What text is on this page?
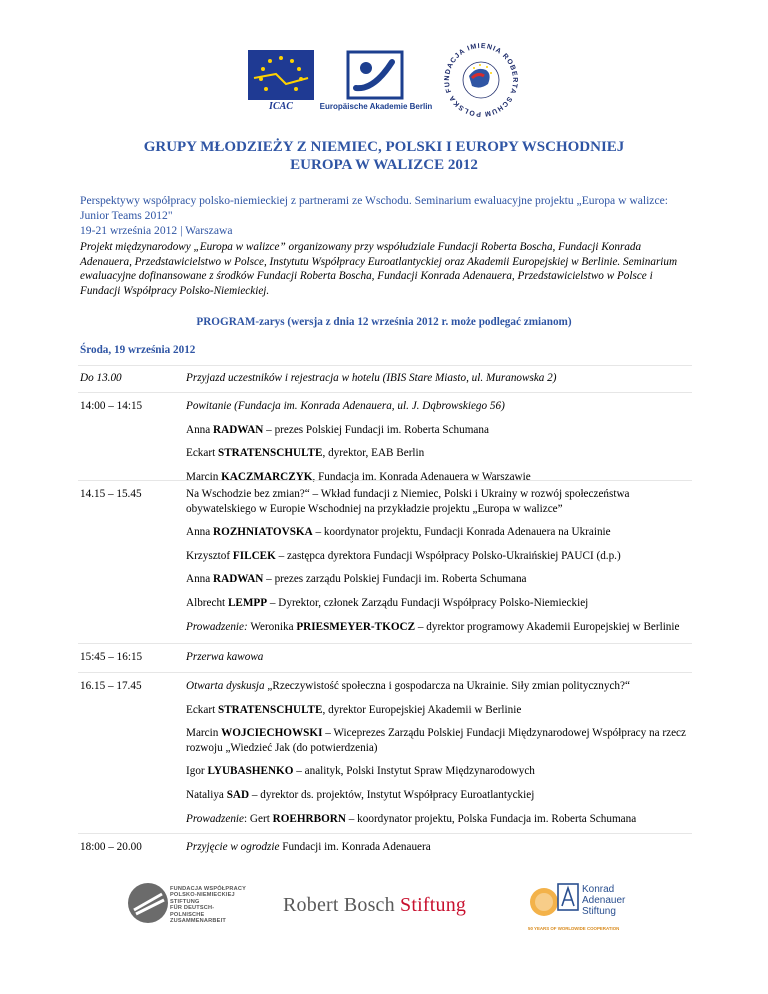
ICAC	Europäische Akademie Berlin
POLSKA FUNDACJA IMIENIA ROBERTA SCHUM
GRUPY MŁODZIEŻY Z NIEMIEC, POLSKI I EUROPY WSCHODNIEJ
EUROPA W WALIZCE 2012
Perspektywy współpracy polsko-niemieckiej z partnerami ze Wschodu. Seminarium ewaluacyjne projektu „Europa w walizce: Junior Teams 2012"
19-21 września 2012 | Warszawa
Projekt międzynarodowy „Europa w walizce” organizowany przy współudziale Fundacji Roberta Boscha, Fundacji Konrada Adenauera, Przedstawicielstwo w Polsce, Instytutu Współpracy Euroatlantyckiej oraz Akademii Europejskiej w Berlinie. Seminarium ewaluacyjne dofinansowane z środków Fundacji Roberta Boscha, Fundacji Konrada Adenauera, Przedstawicielstwo w Polsce i Fundacji Współpracy Polsko-Niemieckiej.
PROGRAM-zarys (wersja z dnia 12 września 2012 r. może podlegać zmianom)
Środa, 19 września 2012
Do 13.00	Przyjazd uczestników i rejestracja w hotelu (IBIS Stare Miasto, ul. Muranowska 2)

14:00 – 14:15	Powitanie (Fundacja im. Konrada Adenauera, ul. J. Dąbrowskiego 56)

Anna RADWAN – prezes Polskiej Fundacji im. Roberta Schumana

Eckart STRATENSCHULTE, dyrektor, EAB Berlin

Marcin KACZMARCZYK, Fundacja im. Konrada Adenauera w Warszawie

14.15 – 15.45	Na Wschodzie bez zmian?“ – Wkład fundacji z Niemiec, Polski i Ukrainy w rozwój społeczeństwa obywatelskiego w Europie Wschodniej na przykładzie projektu „Europa w walizce”

Anna ROZHNIATOVSKA – koordynator projektu, Fundacji Konrada Adenauera na Ukrainie

Krzysztof FILCEK – zastępca dyrektora Fundacji Współpracy Polsko-Ukraińskiej PAUCI (d.p.)

Anna RADWAN – prezes zarządu Polskiej Fundacji im. Roberta Schumana

Albrecht LEMPP – Dyrektor, członek Zarządu Fundacji Współpracy Polsko-Niemieckiej

Prowadzenie: Weronika PRIESMEYER-TKOCZ – dyrektor programowy Akademii Europejskiej w Berlinie

15:45 – 16:15	Przerwa kawowa

16.15 – 17.45	Otwarta dyskusja „Rzeczywistość społeczna i gospodarcza na Ukrainie. Siły zmian politycznych?“

Eckart STRATENSCHULTE, dyrektor Europejskiej Akademii w Berlinie

Marcin WOJCIECHOWSKI – Wiceprezes Zarządu Polskiej Fundacji Międzynarodowej Współpracy na rzecz rozwoju „Wiedzieć Jak (do potwierdzenia)

Igor LYUBASHENKO – analityk, Polski Instytut Spraw Międzynarodowych

Nataliya SAD – dyrektor ds. projektów, Instytut Współpracy Euroatlantyckiej

Prowadzenie: Gert ROEHRBORN – koordynator projektu, Polska Fundacja im. Roberta Schumana

18:00 – 20.00	Przyjęcie w ogrodzie Fundacji im. Konrada Adenauera

FUNDACJA WSPÓŁPRACY
POLSKO-NIEMIECKIEJ
STIFTUNG
FÜR DEUTSCH-POLNISCHE
ZUSAMMENARBEIT
Robert Bosch Stiftung
Konrad
Adenauer
Stiftung
50 YEARS OF WORLDWIDE COOPERATION
